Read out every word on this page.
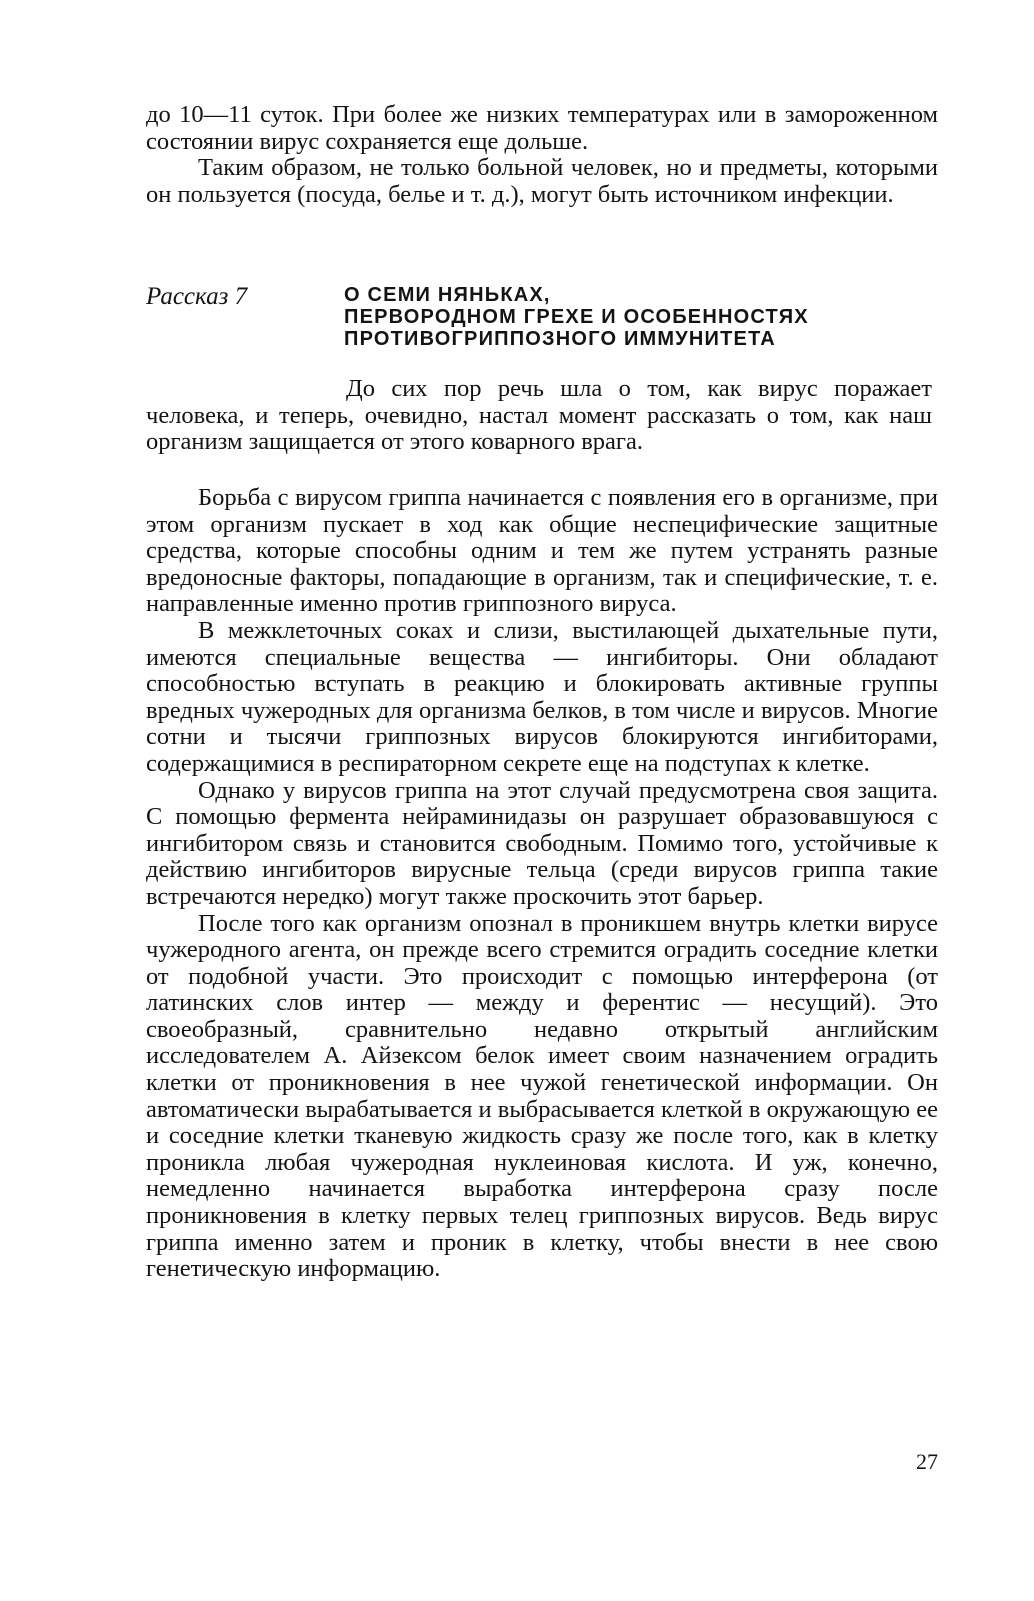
до 10—11 суток. При более же низких температурах или в замороженном состоянии вирус сохраняется еще дольше.

Таким образом, не только больной человек, но и предметы, которыми он пользуется (посуда, белье и т. д.), могут быть источником инфекции.

Рассказ 7	О СЕМИ НЯНЬКАХ,
ПЕРВОРОДНОМ ГРЕХЕ И ОСОБЕННОСТЯХ
ПРОТИВОГРИППОЗНОГО ИММУНИТЕТА

До сих пор речь шла о том, как вирус поражает человека, и теперь, очевидно, настал момент рассказать о том, как наш организм защищается от этого коварного врага.

Борьба с вирусом гриппа начинается с появления его в организме, при этом организм пускает в ход как общие неспецифические защитные средства, которые способны одним и тем же путем устранять разные вредоносные факторы, попадающие в организм, так и специфические, т. е. направленные именно против гриппозного вируса.

В межклеточных соках и слизи, выстилающей дыхательные пути, имеются специальные вещества — ингибиторы. Они обладают способностью вступать в реакцию и блокировать активные группы вредных чужеродных для организма белков, в том числе и вирусов. Многие сотни и тысячи гриппозных вирусов блокируются ингибиторами, содержащимися в респираторном секрете еще на подступах к клетке.

Однако у вирусов гриппа на этот случай предусмотрена своя защита. С помощью фермента нейраминидазы он разрушает образовавшуюся с ингибитором связь и становится свободным. Помимо того, устойчивые к действию ингибиторов вирусные тельца (среди вирусов гриппа такие встречаются нередко) могут также проскочить этот барьер.

После того как организм опознал в проникшем внутрь клетки вирусе чужеродного агента, он прежде всего стремится оградить соседние клетки от подобной участи. Это происходит с помощью интерферона (от латинских слов интер — между и ферентис — несущий). Это своеобразный, сравнительно недавно открытый английским исследователем А. Айзексом белок имеет своим назначением оградить клетки от проникновения в нее чужой генетической информации. Он автоматически вырабатывается и выбрасывается клеткой в окружающую ее и соседние клетки тканевую жидкость сразу же после того, как в клетку проникла любая чужеродная нуклеиновая кислота. И уж, конечно, немедленно начинается выработка интерферона сразу после проникновения в клетку первых телец гриппозных вирусов. Ведь вирус гриппа именно затем и проник в клетку, чтобы внести в нее свою генетическую информацию.

27
